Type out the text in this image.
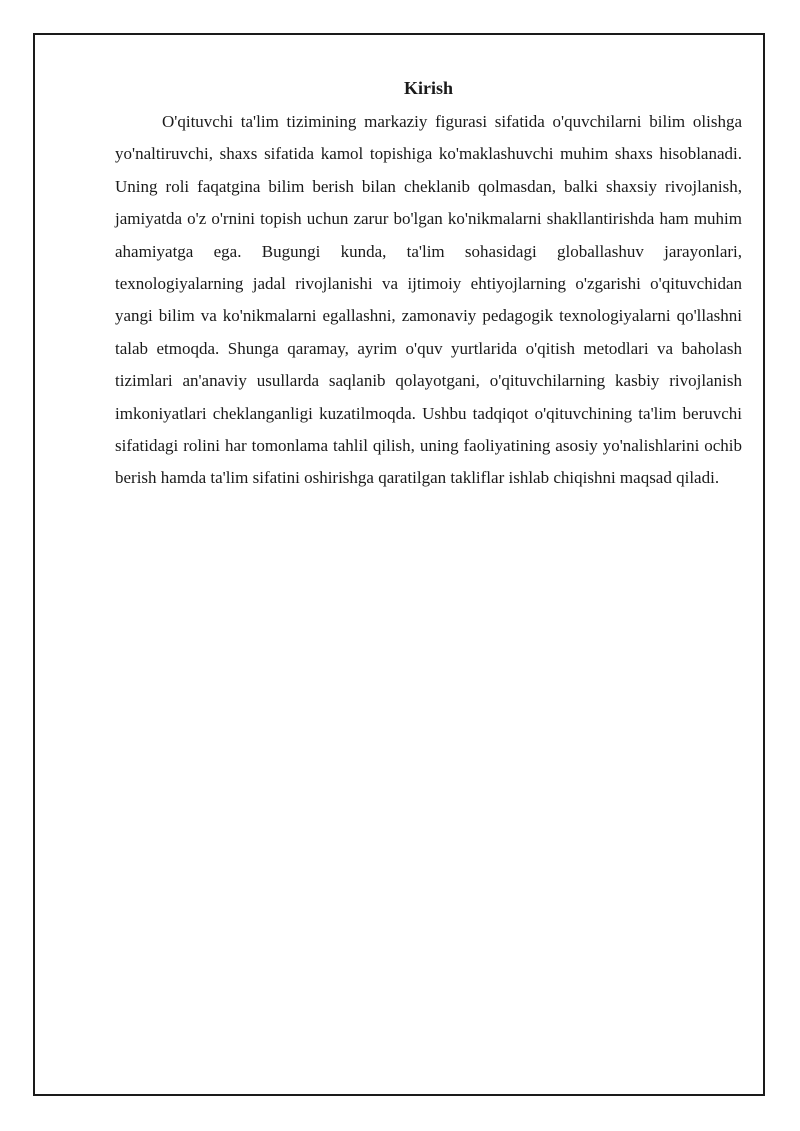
Kirish

O'qituvchi ta'lim tizimining markaziy figurasi sifatida o'quvchilarni bilim olishga yo'naltiruvchi, shaxs sifatida kamol topishiga ko'maklashuvchi muhim shaxs hisoblanadi. Uning roli faqatgina bilim berish bilan cheklanib qolmasdan, balki shaxsiy rivojlanish, jamiyatda o'z o'rnini topish uchun zarur bo'lgan ko'nikmalarni shakllantirishda ham muhim ahamiyatga ega. Bugungi kunda, ta'lim sohasidagi globallashuv jarayonlari, texnologiyalarning jadal rivojlanishi va ijtimoiy ehtiyojlarning o'zgarishi o'qituvchidan yangi bilim va ko'nikmalarni egallashni, zamonaviy pedagogik texnologiyalarni qo'llashni talab etmoqda. Shunga qaramay, ayrim o'quv yurtlarida o'qitish metodlari va baholash tizimlari an'anaviy usullarda saqlanib qolayotgani, o'qituvchilarning kasbiy rivojlanish imkoniyatlari cheklanganligi kuzatilmoqda. Ushbu tadqiqot o'qituvchining ta'lim beruvchi sifatidagi rolini har tomonlama tahlil qilish, uning faoliyatining asosiy yo'nalishlarini ochib berish hamda ta'lim sifatini oshirishga qaratilgan takliflar ishlab chiqishni maqsad qiladi.
